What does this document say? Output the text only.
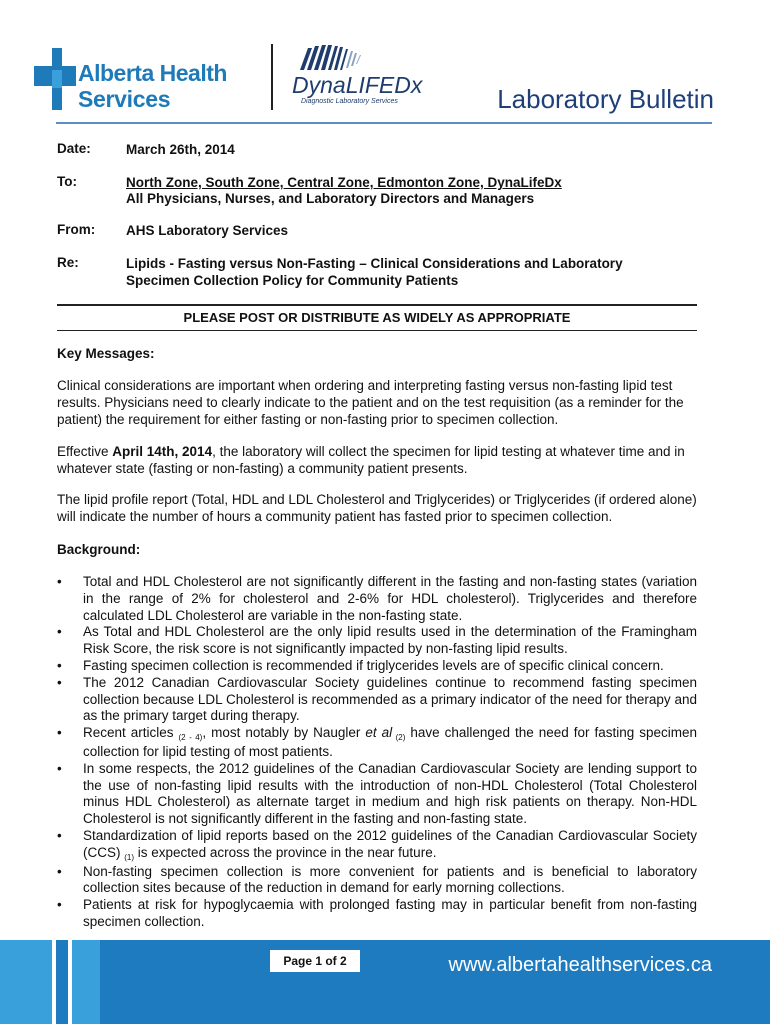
Alberta Health
Services
DynaLIFEDx
Diagnostic Laboratory Services	Laboratory Bulletin
Date:	March 26th, 2014
To:	North Zone, South Zone, Central Zone, Edmonton Zone, DynaLifeDx
All Physicians, Nurses, and Laboratory Directors and Managers
From: AHS Laboratory Services
Re:	Lipids - Fasting versus Non-Fasting – Clinical Considerations and Laboratory Specimen Collection Policy for Community Patients
PLEASE POST OR DISTRIBUTE AS WIDELY AS APPROPRIATE
Key Messages:
Clinical considerations are important when ordering and interpreting fasting versus non-fasting lipid test results. Physicians need to clearly indicate to the patient and on the test requisition (as a reminder for the patient) the requirement for either fasting or non-fasting prior to specimen collection.
Effective April 14th, 2014, the laboratory will collect the specimen for lipid testing at whatever time and in whatever state (fasting or non-fasting) a community patient presents.
The lipid profile report (Total, HDL and LDL Cholesterol and Triglycerides) or Triglycerides (if ordered alone) will indicate the number of hours a community patient has fasted prior to specimen collection.
Background:

• Total and HDL Cholesterol are not significantly different in the fasting and non-fasting states (variation in the range of 2% for cholesterol and 2-6% for HDL cholesterol). Triglycerides and therefore calculated LDL Cholesterol are variable in the non-fasting state.

• As Total and HDL Cholesterol are the only lipid results used in the determination of the Framingham Risk Score, the risk score is not significantly impacted by non-fasting lipid results.

• Fasting specimen collection is recommended if triglycerides levels are of specific clinical concern.

• The 2012 Canadian Cardiovascular Society guidelines continue to recommend fasting specimen collection because LDL Cholesterol is recommended as a primary indicator of the need for therapy and as the primary target during therapy.

• Recent articles $_{(2 - 4)}$, most notably by Naugler et al $_{(2)}$ have challenged the need for fasting specimen collection for lipid testing of most patients.

• In some respects, the 2012 guidelines of the Canadian Cardiovascular Society are lending support to the use of non-fasting lipid results with the introduction of non-HDL Cholesterol (Total Cholesterol minus HDL Cholesterol) as alternate target in medium and high risk patients on therapy. Non-HDL Cholesterol is not significantly different in the fasting and non-fasting state.

• Standardization of lipid reports based on the 2012 guidelines of the Canadian Cardiovascular Society (CCS) $_{(1)}$ is expected across the province in the near future.

• Non-fasting specimen collection is more convenient for patients and is beneficial to laboratory collection sites because of the reduction in demand for early morning collections.

• Patients at risk for hypoglycaemia with prolonged fasting may in particular benefit from non-fasting specimen collection.

Page 1 of 2	www.albertahealthservices.ca
